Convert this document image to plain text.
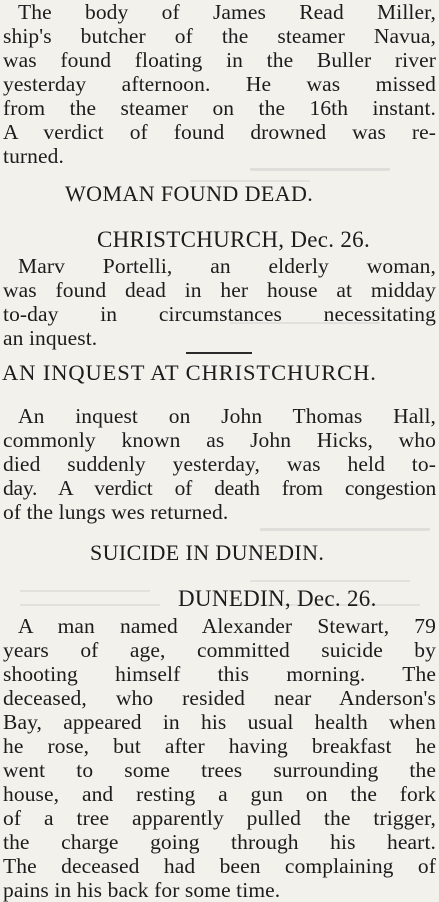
The body of James Read Miller,
ship's butcher of the steamer Navua,
was found floating in the Buller river
yesterday afternoon. He was missed
from the steamer on the 16th instant.
A verdict of found drowned was re-
turned.
WOMAN FOUND DEAD.
CHRISTCHURCH, Dec. 26.
Marv Portelli, an elderly woman,
was found dead in her house at midday
to-day in circumstances necessitating
an inquest.
AN INQUEST AT CHRISTCHURCH.
An inquest on John Thomas Hall,
commonly known as John Hicks, who
died suddenly yesterday, was held to-
day. A verdict of death from congestion
of the lungs wes returned.
SUICIDE IN DUNEDIN.
DUNEDIN, Dec. 26.
A man named Alexander Stewart, 79
years of age, committed suicide by
shooting himself this morning. The
deceased, who resided near Anderson's
Bay, appeared in his usual health when
he rose, but after having breakfast he
went to some trees surrounding the
house, and resting a gun on the fork
of a tree apparently pulled the trigger,
the charge going through his heart.
The deceased had been complaining of
pains in his back for some time.
